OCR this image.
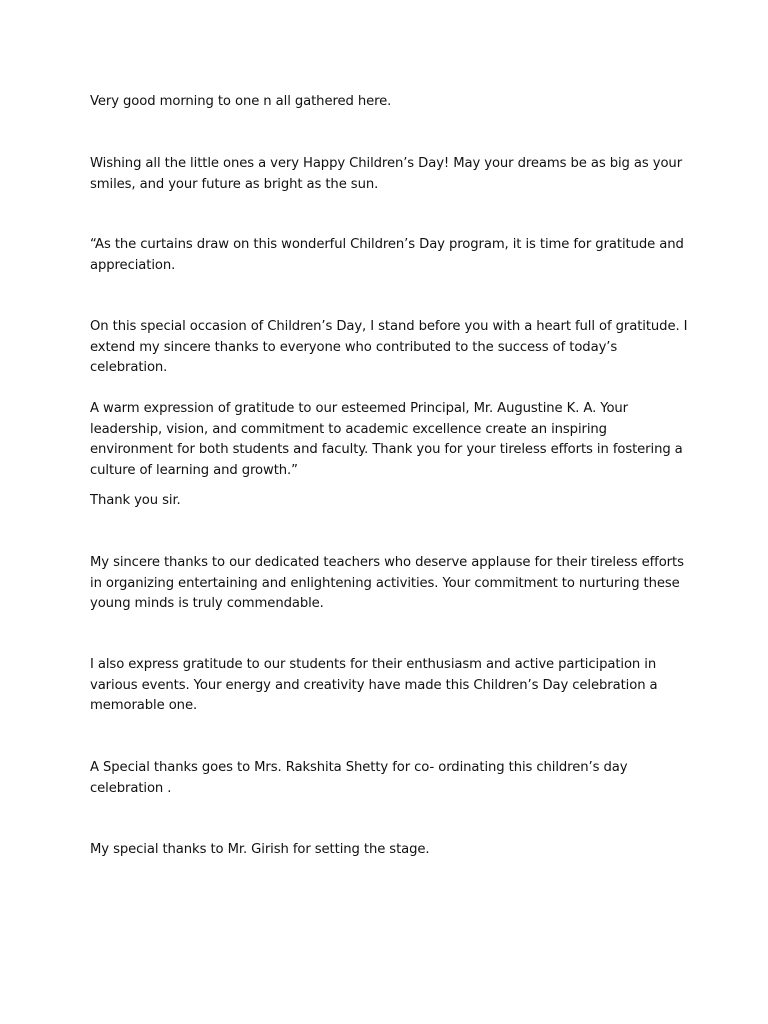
Very good morning to one n all gathered here.

Wishing all the little ones a very Happy Children’s Day! May your dreams be as big as your smiles, and your future as bright as the sun.

“As the curtains draw on this wonderful Children’s Day program, it is time for gratitude and appreciation.

On this special occasion of Children’s Day, I stand before you with a heart full of gratitude. I extend my sincere thanks to everyone who contributed to the success of today’s celebration.

A warm expression of gratitude to our esteemed Principal, Mr. Augustine K. A. Your leadership, vision, and commitment to academic excellence create an inspiring environment for both students and faculty. Thank you for your tireless efforts in fostering a culture of learning and growth.”

Thank you sir.

My sincere thanks to our dedicated teachers who deserve applause for their tireless efforts in organizing entertaining and enlightening activities. Your commitment to nurturing these young minds is truly commendable.

I also express gratitude to our students for their enthusiasm and active participation in various events. Your energy and creativity have made this Children’s Day celebration a memorable one.

A Special thanks goes to Mrs. Rakshita Shetty for co- ordinating this children’s day celebration .

My special thanks to Mr. Girish for setting the stage.
